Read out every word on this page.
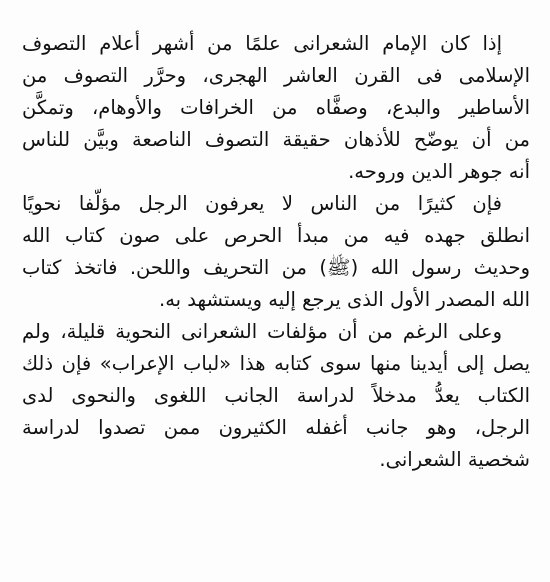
إذا كان الإمام الشعرانى علمًا من أشهر أعلام التصوف
الإسلامى فى القرن العاشر الهجرى، وحرَّر التصوف من
الأساطير والبدع، وصفَّاه من الخرافات والأوهام، وتمكَّن
من أن يوضّح للأذهان حقيقة التصوف الناصعة وبيَّن للناس
أنه جوهر الدين وروحه.
فإن كثيرًا من الناس لا يعرفون الرجل مؤلّفا نحويًا
انطلق جهده فيه من مبدأ الحرص على صون كتاب الله
وحديث رسول الله (ﷺ) من التحريف واللحن. فاتخذ كتاب
الله المصدر الأول الذى يرجع إليه ويستشهد به.
وعلى الرغم من أن مؤلفات الشعرانى النحوية قليلة، ولم
يصل إلى أيدينا منها سوى كتابه هذا «لباب الإعراب» فإن ذلك
الكتاب يعدُّ مدخلاً لدراسة الجانب اللغوى والنحوى لدى
الرجل، وهو جانب أغفله الكثيرون ممن تصدوا لدراسة
شخصية الشعرانى.
